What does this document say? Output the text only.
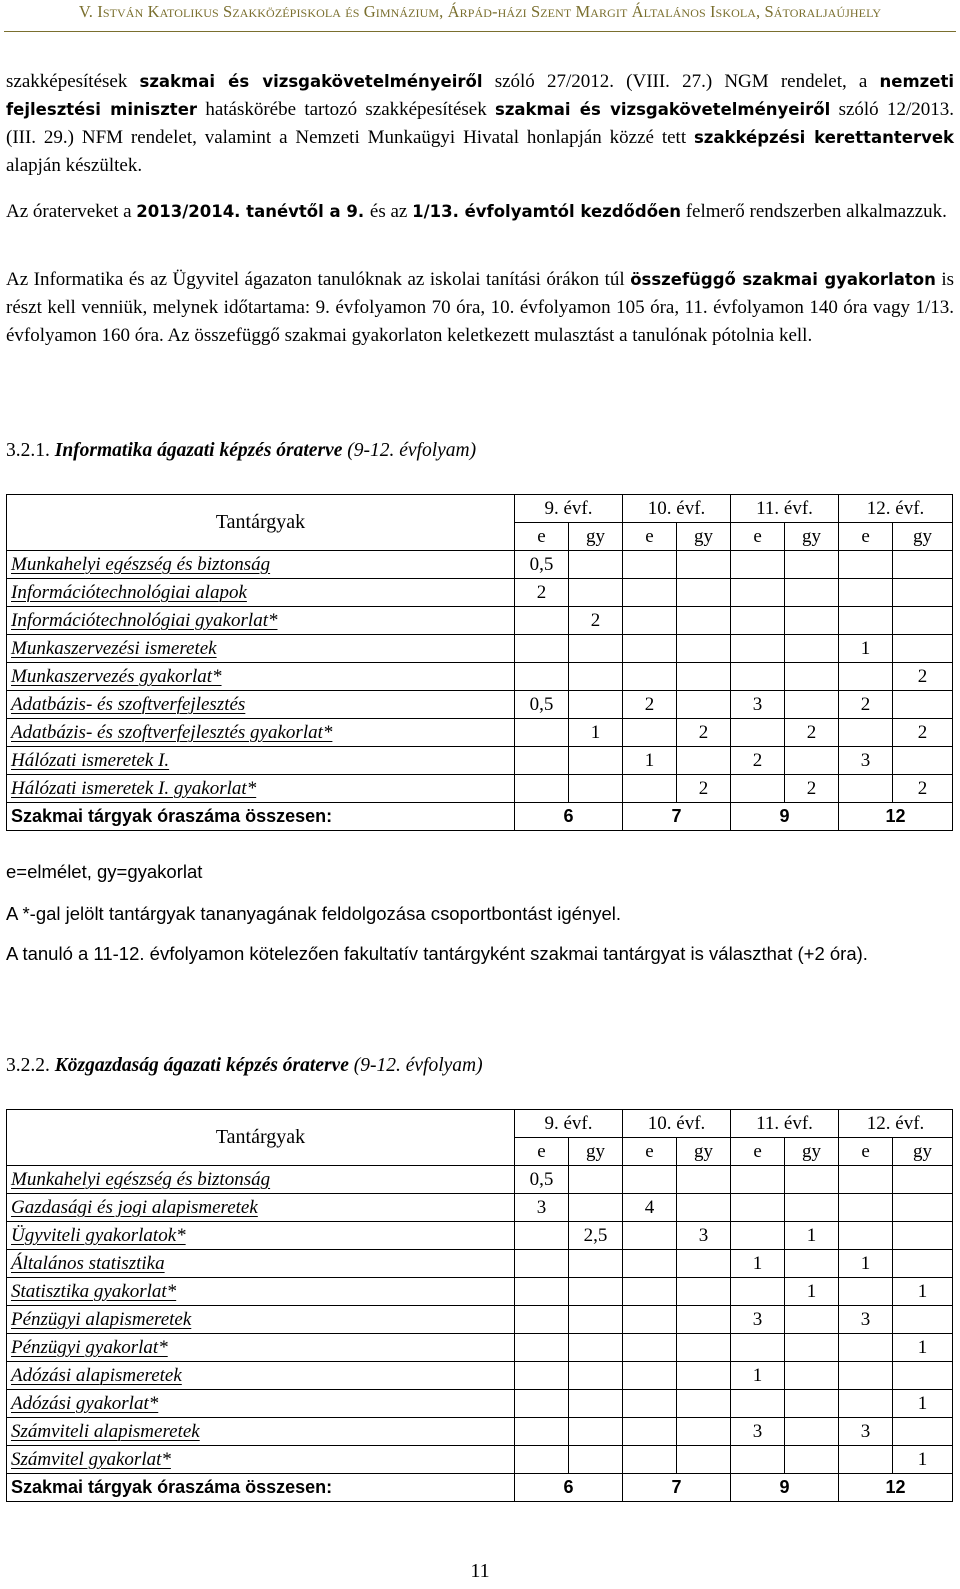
V. István Katolikus Szakközépiskola és Gimnázium, Árpád-házi Szent Margit Általános Iskola, Sátoraljaújhely
szakképesítések szakmai és vizsgakövetelményeiről szóló 27/2012. (VIII. 27.) NGM rendelet, a nemzeti fejlesztési miniszter hatáskörébe tartozó szakképesítések szakmai és vizsgakövetelményeiről szóló 12/2013. (III. 29.) NFM rendelet, valamint a Nemzeti Munkaügyi Hivatal honlapján közzé tett szakképzési kerettantervek alapján készültek.
Az óraterveket a 2013/2014. tanévtől a 9. és az 1/13. évfolyamtól kezdődően felmerő rendszerben alkalmazzuk.
Az Informatika és az Ügyvitel ágazaton tanulóknak az iskolai tanítási órákon túl összefüggő szakmai gyakorlaton is részt kell venniük, melynek időtartama: 9. évfolyamon 70 óra, 10. évfolyamon 105 óra, 11. évfolyamon 140 óra vagy 1/13. évfolyamon 160 óra. Az összefüggő szakmai gyakorlaton keletkezett mulasztást a tanulónak pótolnia kell.
3.2.1. Informatika ágazati képzés óraterve (9-12. évfolyam)
Tantárgyak	9. évf.		10. évf.		11. évf.		12. évf.	
	e	gy	e	gy	e	gy	e	gy
Munkahelyi egészség és biztonság	0,5							
Információtechnológiai alapok	2							
Információtechnológiai gyakorlat*		2						
Munkaszervezési ismeretek							1	
Munkaszervezés gyakorlat*								2
Adatbázis- és szoftverfejlesztés	0,5		2		3		2	
Adatbázis- és szoftverfejlesztés gyakorlat*		1		2		2		2
Hálózati ismeretek I.			1		2		3	
Hálózati ismeretek I. gyakorlat*				2		2		2
Szakmai tárgyak óraszáma összesen:	6		7		9		12	
e=elmélet, gy=gyakorlat
A *-gal jelölt tantárgyak tananyagának feldolgozása csoportbontást igényel.
A tanuló a 11-12. évfolyamon kötelezően fakultatív tantárgyként szakmai tantárgyat is választhat (+2 óra).
3.2.2. Közgazdaság ágazati képzés óraterve (9-12. évfolyam)
Tantárgyak	9. évf.		10. évf.		11. évf.		12. évf.	
	e	gy	e	gy	e	gy	e	gy
Munkahelyi egészség és biztonság	0,5							
Gazdasági és jogi alapismeretek	3		4					
Ügyviteli gyakorlatok*		2,5		3		1		
Általános statisztika					1		1	
Statisztika gyakorlat*						1		1
Pénzügyi alapismeretek					3		3	
Pénzügyi gyakorlat*								1
Adózási alapismeretek					1			
Adózási gyakorlat*								1
Számviteli alapismeretek					3		3	
Számvitel gyakorlat*								1
Szakmai tárgyak óraszáma összesen:	6		7		9		12	
11
